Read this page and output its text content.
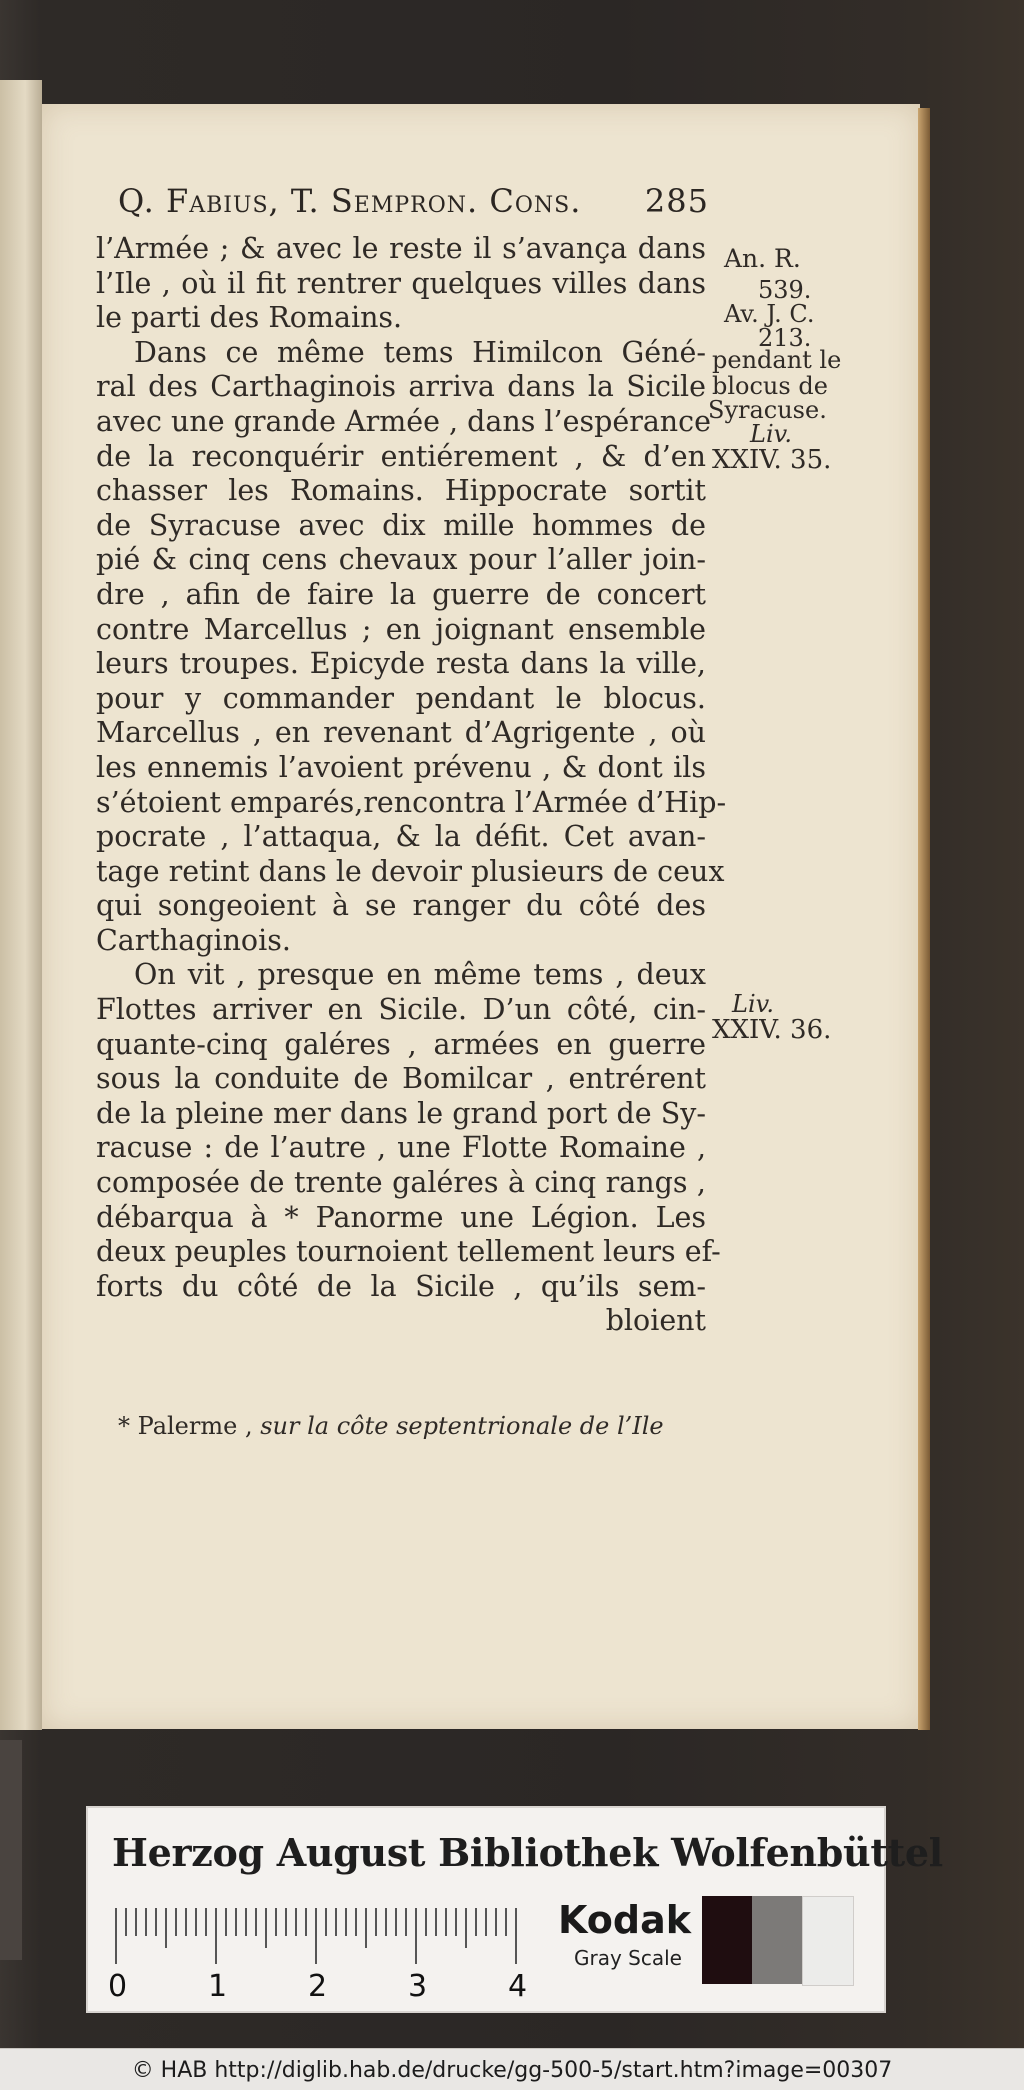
Q. Fabius, T. Sempron. Cons. 285
l’Armée ; & avec le reste il s’avança dans
l’Ile , où il fit rentrer quelques villes dans
le parti des Romains.
Dans ce même tems Himilcon Géné-
ral des Carthaginois arriva dans la Sicile
avec une grande Armée , dans l’espérance
de la reconquérir entiérement , & d’en
chasser les Romains. Hippocrate sortit
de Syracuse avec dix mille hommes de
pié & cinq cens chevaux pour l’aller join-
dre , afin de faire la guerre de concert
contre Marcellus ; en joignant ensemble
leurs troupes. Epicyde resta dans la ville,
pour y commander pendant le blocus.
Marcellus , en revenant d’Agrigente , où
les ennemis l’avoient prévenu , & dont ils
s’étoient emparés,rencontra l’Armée d’Hip-
pocrate , l’attaqua, & la défit. Cet avan-
tage retint dans le devoir plusieurs de ceux
qui songeoient à se ranger du côté des
Carthaginois.
On vit , presque en même tems , deux
Flottes arriver en Sicile. D’un côté, cin-
quante-cinq galéres , armées en guerre
sous la conduite de Bomilcar , entrérent
de la pleine mer dans le grand port de Sy-
racuse : de l’autre , une Flotte Romaine ,
composée de trente galéres à cinq rangs ,
débarqua à * Panorme une Légion. Les
deux peuples tournoient tellement leurs ef-
forts du côté de la Sicile , qu’ils sem-
bloient
An. R.
539.
Av. J. C.
213.
pendant le
blocus de
Syracuse.
Liv.
XXIV. 35.
Liv.
XXIV. 36.
* Palerme , sur la côte septentrionale de l’Ile
Herzog August Bibliothek Wolfenbüttel
0	1	2	3	4
Kodak
Gray Scale
© HAB http://diglib.hab.de/drucke/gg-500-5/start.htm?image=00307
